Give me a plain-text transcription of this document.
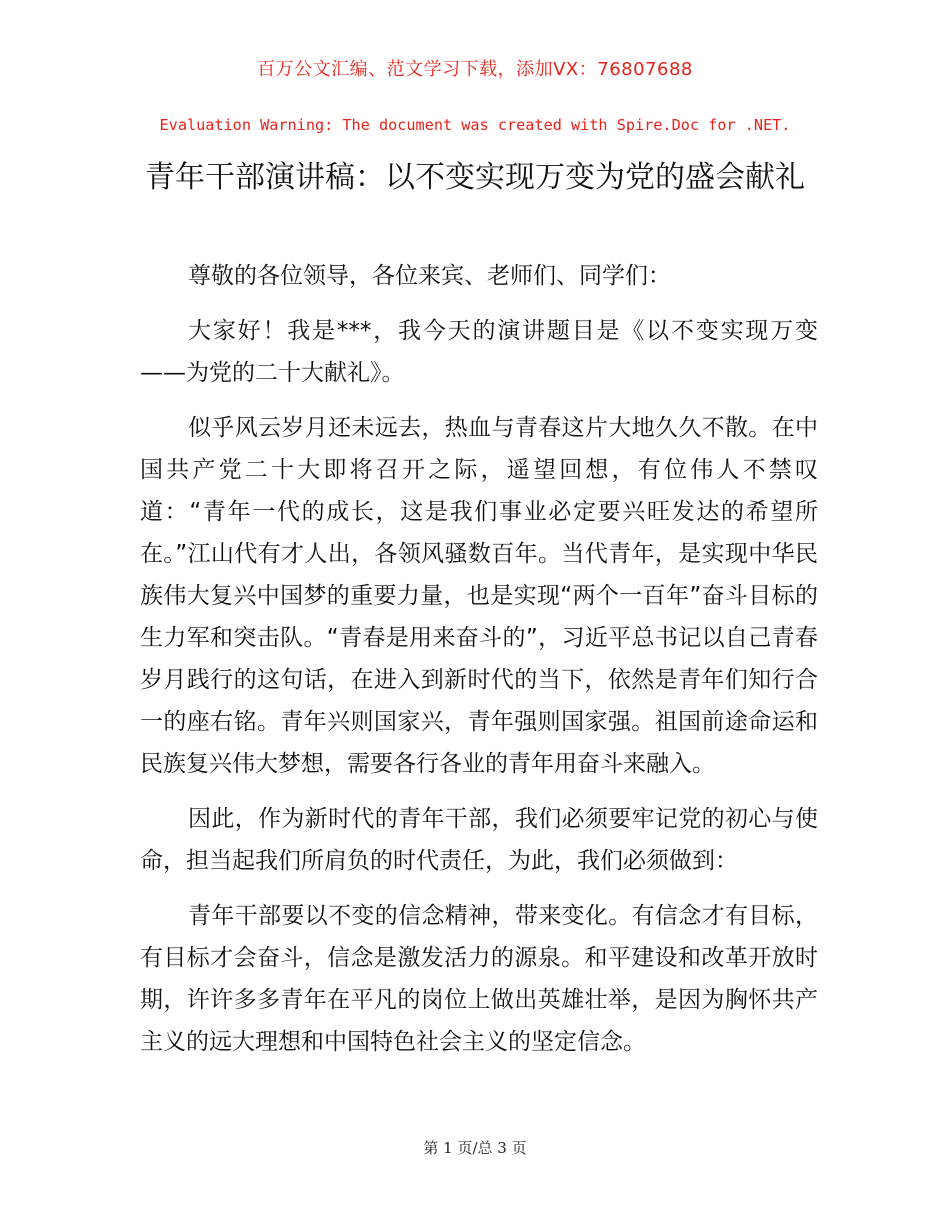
百万公文汇编、范文学习下载，添加VX：76807688
Evaluation Warning: The document was created with Spire.Doc for .NET.
青年干部演讲稿：以不变实现万变为党的盛会献礼

尊敬的各位领导，各位来宾、老师们、同学们：

大家好！我是***，我今天的演讲题目是《以不变实现万变——为党的二十大献礼》。

似乎风云岁月还未远去，热血与青春这片大地久久不散。在中国共产党二十大即将召开之际，遥望回想，有位伟人不禁叹道：“青年一代的成长，这是我们事业必定要兴旺发达的希望所在。”江山代有才人出，各领风骚数百年。当代青年，是实现中华民族伟大复兴中国梦的重要力量，也是实现“两个一百年”奋斗目标的生力军和突击队。“青春是用来奋斗的”，习近平总书记以自己青春岁月践行的这句话，在进入到新时代的当下，依然是青年们知行合一的座右铭。青年兴则国家兴，青年强则国家强。祖国前途命运和民族复兴伟大梦想，需要各行各业的青年用奋斗来融入。

因此，作为新时代的青年干部，我们必须要牢记党的初心与使命，担当起我们所肩负的时代责任，为此，我们必须做到：

青年干部要以不变的信念精神，带来变化。有信念才有目标，有目标才会奋斗，信念是激发活力的源泉。和平建设和改革开放时期，许许多多青年在平凡的岗位上做出英雄壮举，是因为胸怀共产主义的远大理想和中国特色社会主义的坚定信念。

第 1 页/总 3 页
